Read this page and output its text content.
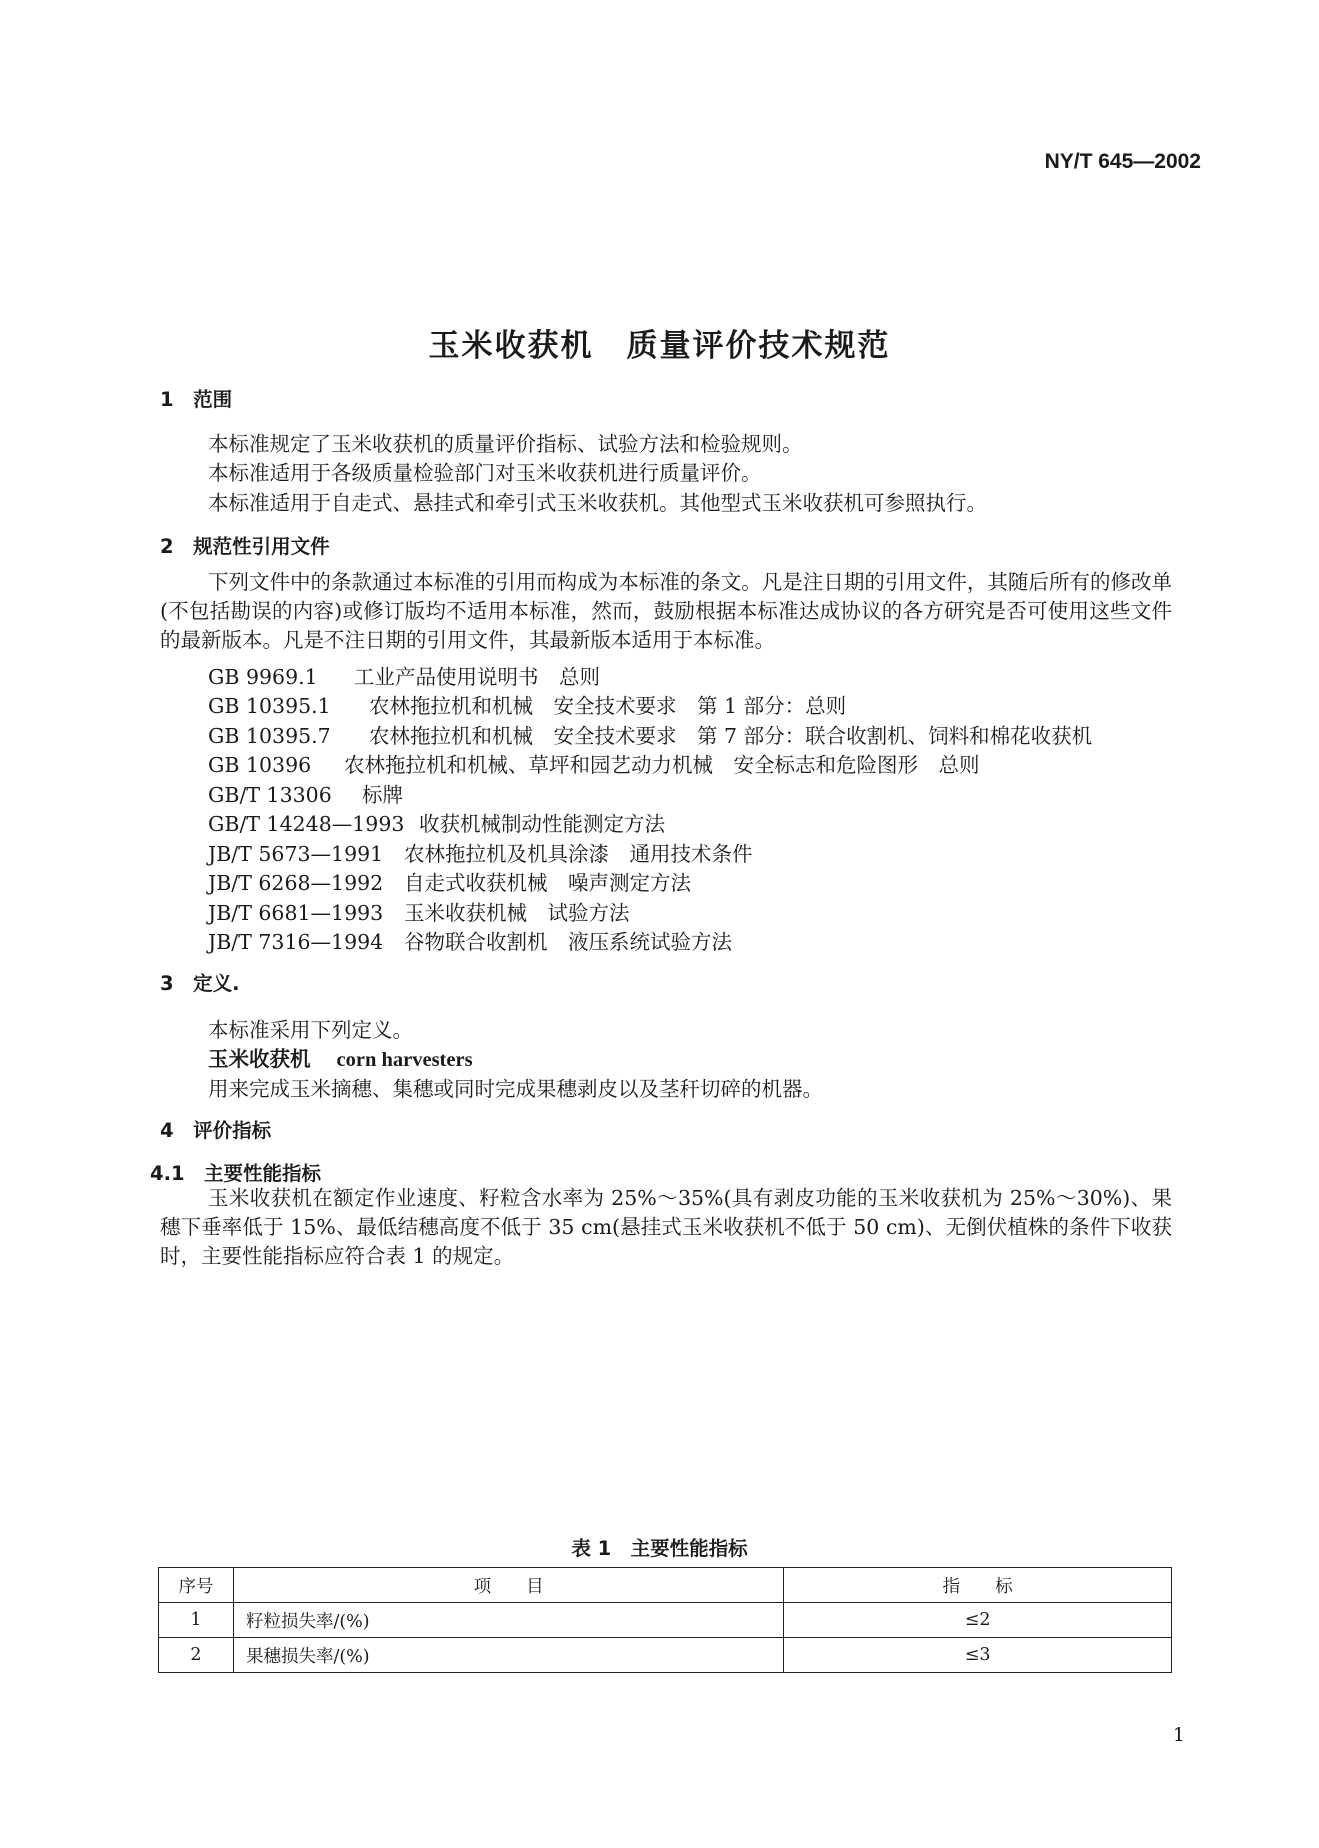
NY/T 645—2002
玉米收获机　质量评价技术规范
1　范围
本标准规定了玉米收获机的质量评价指标、试验方法和检验规则。
本标准适用于各级质量检验部门对玉米收获机进行质量评价。
本标准适用于自走式、悬挂式和牵引式玉米收获机。其他型式玉米收获机可参照执行。
2　规范性引用文件
下列文件中的条款通过本标准的引用而构成为本标准的条文。凡是注日期的引用文件，其随后所有的修改单(不包括勘误的内容)或修订版均不适用本标准，然而，鼓励根据本标准达成协议的各方研究是否可使用这些文件的最新版本。凡是不注日期的引用文件，其最新版本适用于本标准。
GB 9969.1 工业产品使用说明书　总则
GB 10395.1 农林拖拉机和机械　安全技术要求　第 1 部分：总则
GB 10395.7 农林拖拉机和机械　安全技术要求　第 7 部分：联合收割机、饲料和棉花收获机
GB 10396 农林拖拉机和机械、草坪和园艺动力机械　安全标志和危险图形　总则
GB/T 13306 标牌
GB/T 14248—1993 收获机械制动性能测定方法
JB/T 5673—1991 农林拖拉机及机具涂漆　通用技术条件
JB/T 6268—1992 自走式收获机械　噪声测定方法
JB/T 6681—1993 玉米收获机械　试验方法
JB/T 7316—1994 谷物联合收割机　液压系统试验方法
3　定义.
本标准采用下列定义。
玉米收获机 corn harvesters
用来完成玉米摘穗、集穗或同时完成果穗剥皮以及茎秆切碎的机器。
4　评价指标
4.1　主要性能指标
玉米收获机在额定作业速度、籽粒含水率为 25%～35%(具有剥皮功能的玉米收获机为 25%～30%)、果穗下垂率低于 15%、最低结穗高度不低于 35 cm(悬挂式玉米收获机不低于 50 cm)、无倒伏植株的条件下收获时，主要性能指标应符合表 1 的规定。
表 1　主要性能指标
序号	项　　目	指　　标
1	籽粒损失率/(%)	≤2
2	果穗损失率/(%)	≤3
1
